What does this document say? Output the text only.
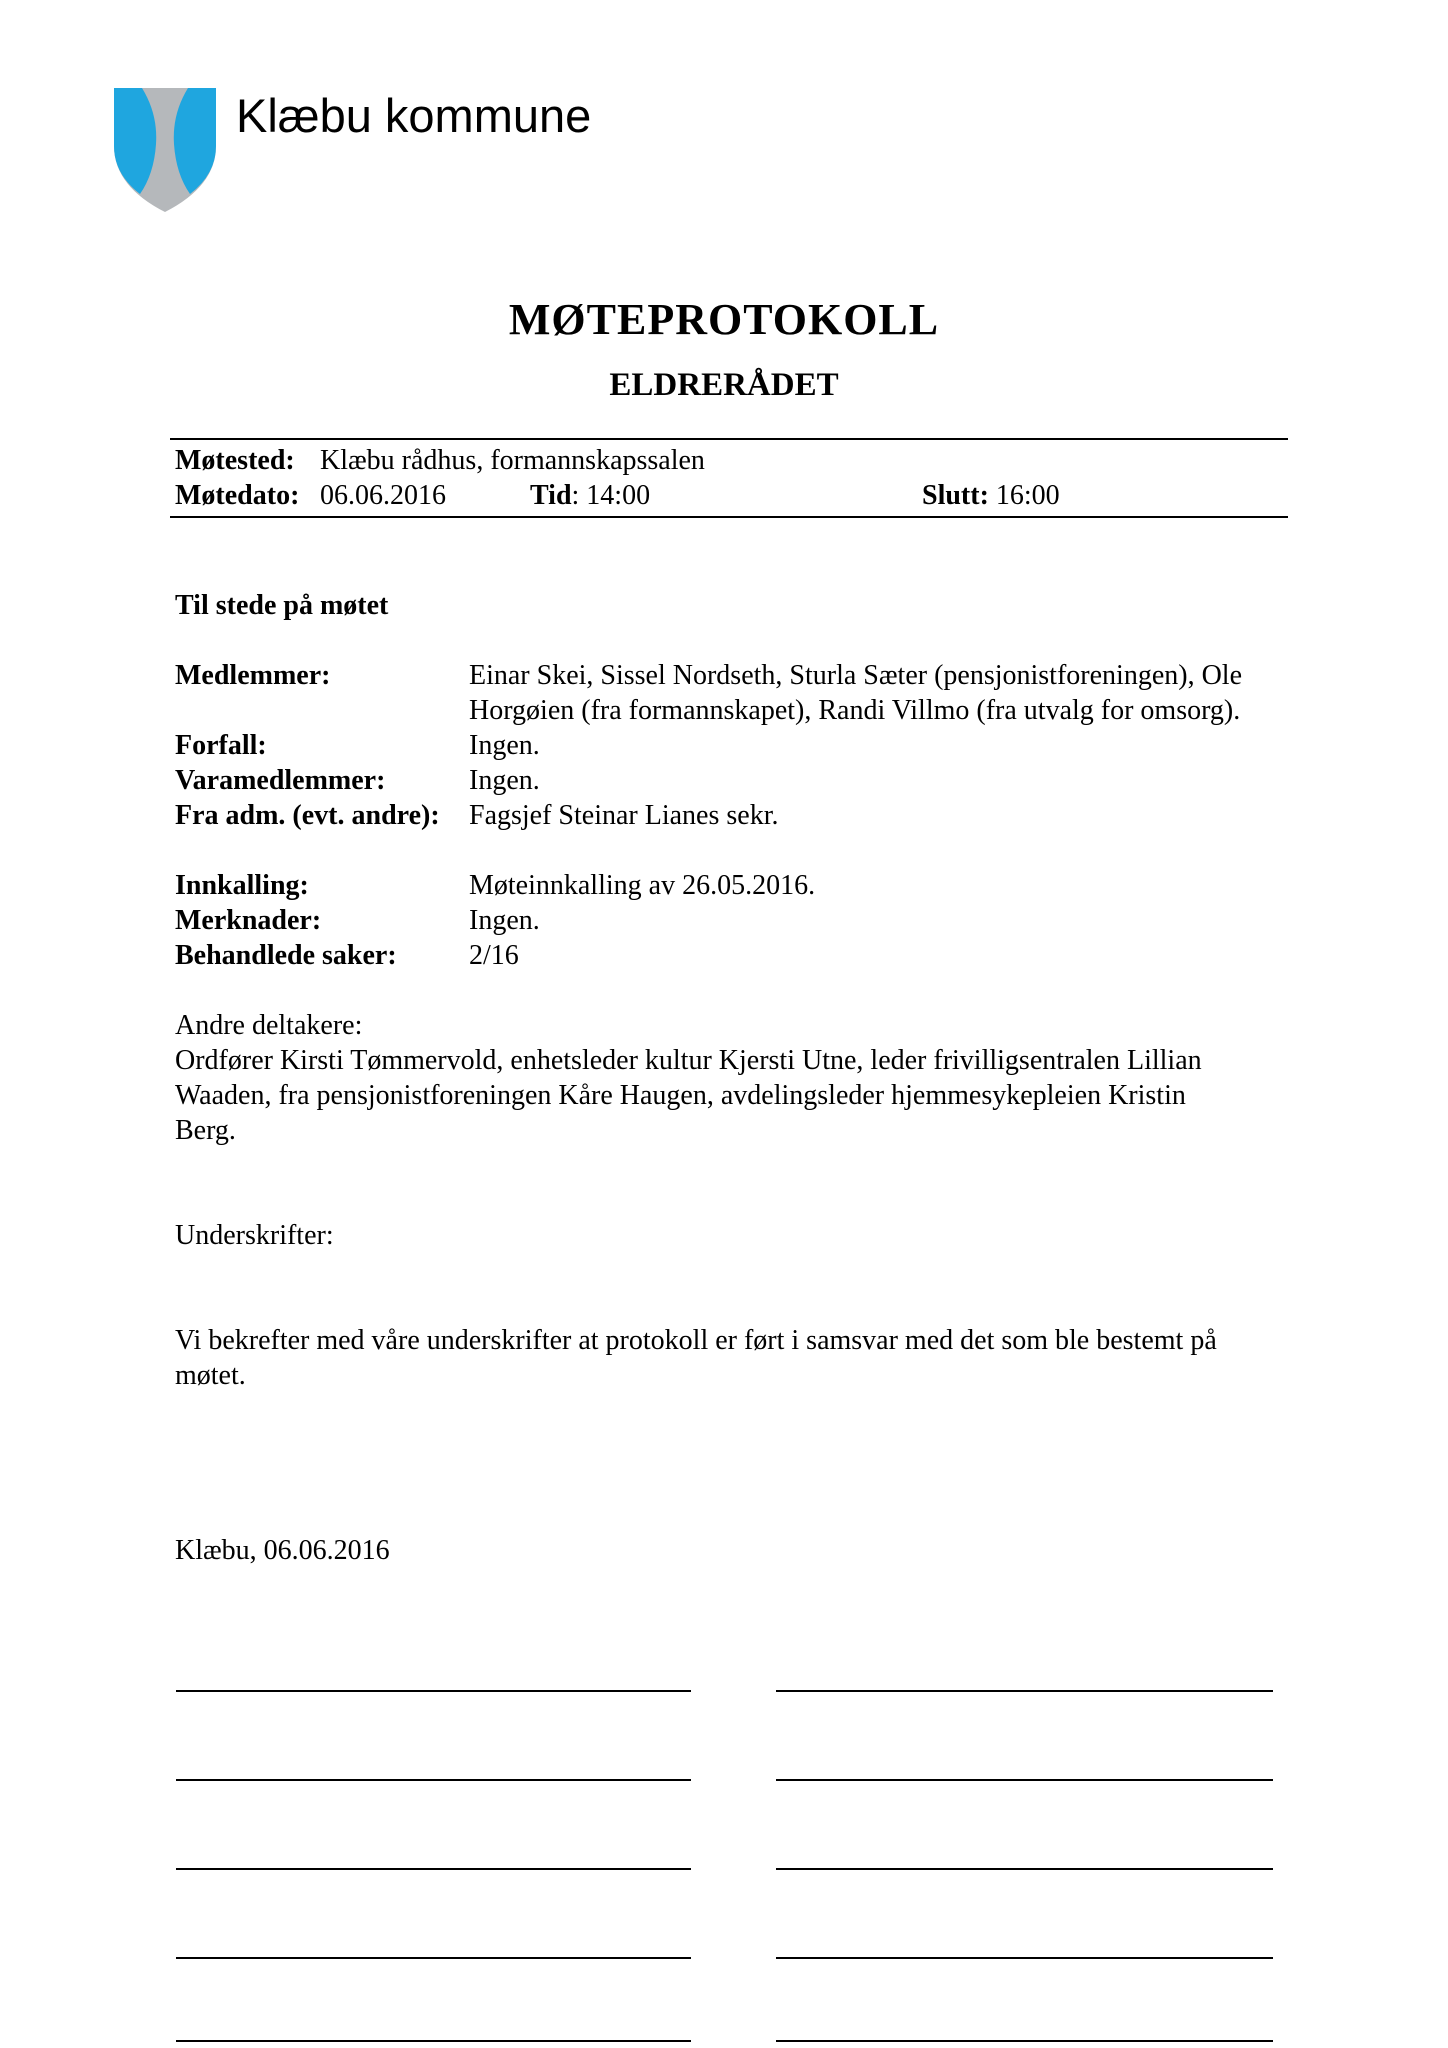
Klæbu kommune
MØTEPROTOKOLL
ELDRERÅDET
Møtested: Klæbu rådhus, formannskapssalen
Møtedato: 06.06.2016	Tid: 14:00	Slutt: 16:00
Til stede på møtet
Medlemmer:	Einar Skei, Sissel Nordseth, Sturla Sæter (pensjonistforeningen), Ole
Horgøien (fra formannskapet), Randi Villmo (fra utvalg for omsorg).
Forfall:	Ingen.
Varamedlemmer:	Ingen.
Fra adm. (evt. andre): Fagsjef Steinar Lianes sekr.
Innkalling:	Møteinnkalling av 26.05.2016.
Merknader:	Ingen.
Behandlede saker:	2/16
Andre deltakere:
Ordfører Kirsti Tømmervold, enhetsleder kultur Kjersti Utne, leder frivilligsentralen Lillian
Waaden, fra pensjonistforeningen Kåre Haugen, avdelingsleder hjemmesykepleien Kristin
Berg.
Underskrifter:
Vi bekrefter med våre underskrifter at protokoll er ført i samsvar med det som ble bestemt på
møtet.
Klæbu, 06.06.2016
